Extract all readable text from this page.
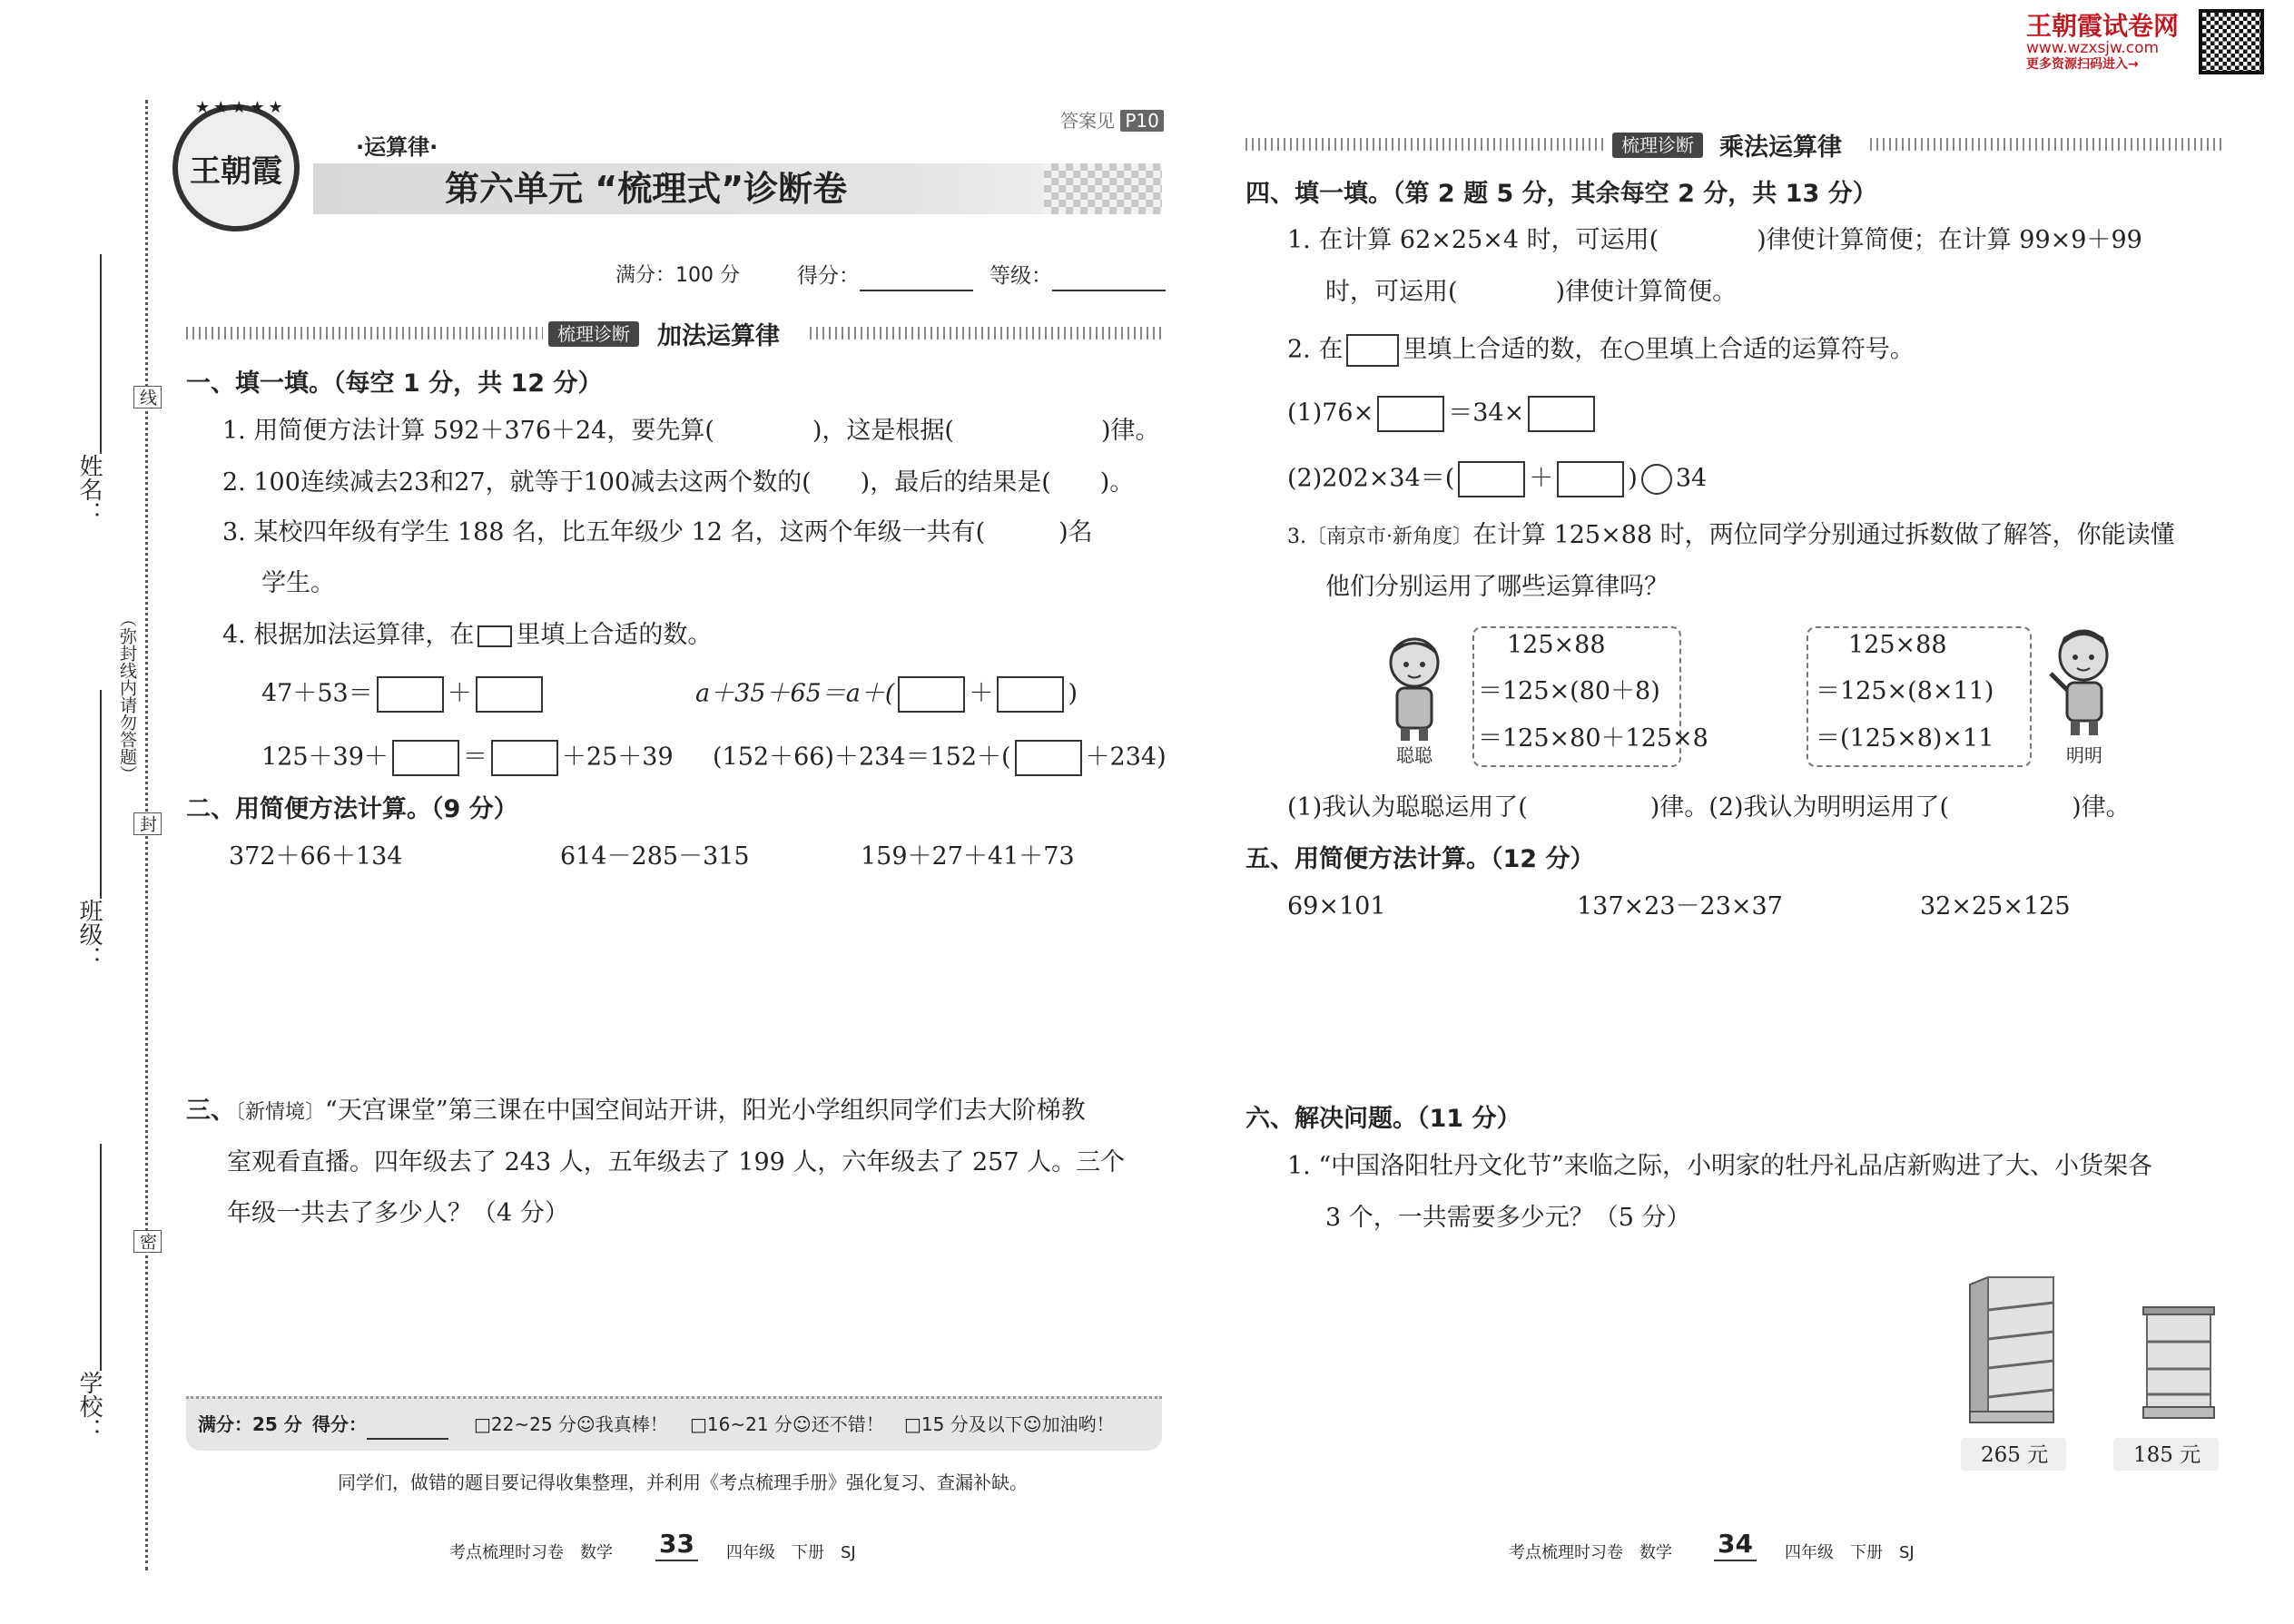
姓名：
班级：
学校：
（弥封线内请勿答题）
线
封
密
王朝霞
★★★★★
答案见 P10
·运算律·
第六单元 “梳理式”诊断卷
满分：100 分	得分：	等级：
梳理诊断	加法运算律
一、填一填。（每空 1 分，共 12 分）
1. 用简便方法计算 592＋376＋24，要先算(　　　　)，这是根据(　　　　　　)律。
2. 100连续减去23和27，就等于100减去这两个数的(　　)，最后的结果是(　　)。
3. 某校四年级有学生 188 名，比五年级少 12 名，这两个年级一共有(　　　)名
学生。
4. 根据加法运算律，在 里填上合适的数。
47＋53＝	＋	a＋35＋65＝a＋(	＋	)
125＋39＋	＝	＋25＋39 (152＋66)＋234＝152＋(	＋234)
二、用简便方法计算。（9 分）
372＋66＋134	614－285－315	159＋27＋41＋73
三、〔新情境〕“天宫课堂”第三课在中国空间站开讲，阳光小学组织同学们去大阶梯教
室观看直播。四年级去了 243 人，五年级去了 199 人，六年级去了 257 人。三个
年级一共去了多少人？（4 分）
满分：25 分 得分：	□22~25 分☺我真棒！ □16~21 分☺还不错！ □15 分及以下☺加油哟！
同学们，做错的题目要记得收集整理，并利用《考点梳理手册》强化复习、查漏补缺。
考点梳理时习卷　数学 33 四年级　下册　SJ
王朝霞试卷网
www.wzxsjw.com
更多资源扫码进入→
梳理诊断	乘法运算律
四、填一填。（第 2 题 5 分，其余每空 2 分，共 13 分）
1. 在计算 62×25×4 时，可运用(　　　　)律使计算简便；在计算 99×9＋99
时，可运用(　　　　)律使计算简便。
2. 在 里填上合适的数，在○里填上合适的运算符号。
(1)76×	＝34×
(2)202×34＝(	＋	) 34
3.〔南京市·新角度〕在计算 125×88 时，两位同学分别通过拆数做了解答，你能读懂
他们分别运用了哪些运算律吗？
聪聪
125×88
＝125×(80＋8)
＝125×80＋125×8
125×88
＝125×(8×11)
＝(125×8)×11
明明
(1)我认为聪聪运用了(　　　　　)律。(2)我认为明明运用了(　　　　　)律。
五、用简便方法计算。（12 分）
69×101	137×23－23×37	32×25×125
六、解决问题。（11 分）
1. “中国洛阳牡丹文化节”来临之际，小明家的牡丹礼品店新购进了大、小货架各
3 个，一共需要多少元？（5 分）
265 元	185 元
考点梳理时习卷　数学 34 四年级　下册　SJ
